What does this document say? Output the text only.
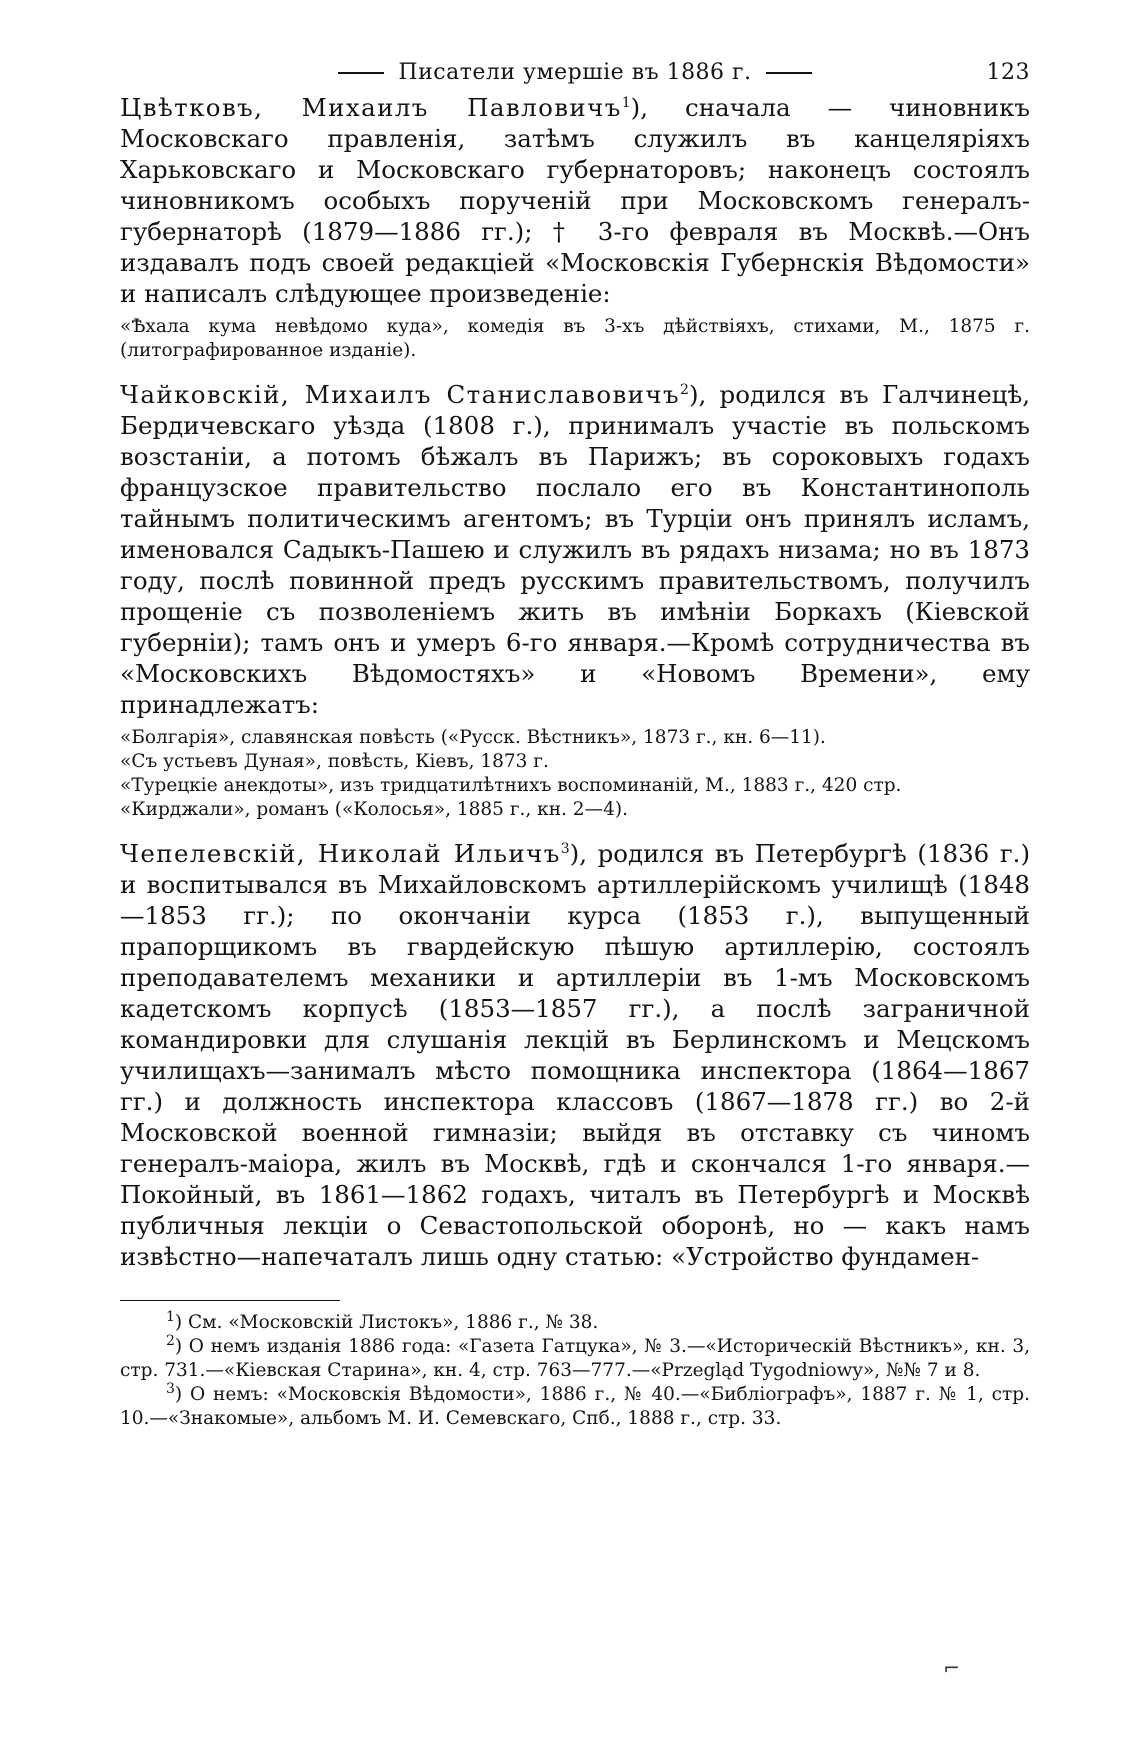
Писатели умершіе въ 1886 г.	123

Цвѣтковъ, Михаилъ Павловичъ$^1$), сначала — чиновникъ Московскаго правленія, затѣмъ служилъ въ канцеляріяхъ Харьковскаго и Московскаго губернаторовъ; наконецъ состоялъ чиновникомъ особыхъ порученій при Московскомъ генералъ-губернаторѣ (1879—1886 гг.); † 3-го февраля въ Москвѣ.—Онъ издавалъ подъ своей редакціей «Московскія Губернскія Вѣдомости» и написалъ слѣдующее произведеніе:

«Ѣхала кума невѣдомо куда», комедія въ 3-хъ дѣйствіяхъ, стихами, М., 1875 г. (литографированное изданіе).

Чайковскій, Михаилъ Станиславовичъ$^2$), родился въ Галчинецѣ, Бердичевскаго уѣзда (1808 г.), принималъ участіе въ польскомъ возстаніи, а потомъ бѣжалъ въ Парижъ; въ сороковыхъ годахъ французское правительство послало его въ Константинополь тайнымъ политическимъ агентомъ; въ Турціи онъ принялъ исламъ, именовался Садыкъ-Пашею и служилъ въ рядахъ низама; но въ 1873 году, послѣ повинной предъ русскимъ правительствомъ, получилъ прощеніе съ позволеніемъ жить въ имѣніи Боркахъ (Кіевской губерніи); тамъ онъ и умеръ 6-го января.—Кромѣ сотрудничества въ «Московскихъ Вѣдомостяхъ» и «Новомъ Времени», ему принадлежатъ:

«Болгарія», славянская повѣсть («Русск. Вѣстникъ», 1873 г., кн. 6—11).
«Съ устьевъ Дуная», повѣсть, Кіевъ, 1873 г.
«Турецкіе анекдоты», изъ тридцатилѣтнихъ воспоминаній, М., 1883 г., 420 стр.
«Кирджали», романъ («Колосья», 1885 г., кн. 2—4).

Чепелевскій, Николай Ильичъ$^3$), родился въ Петербургѣ (1836 г.) и воспитывался въ Михайловскомъ артиллерійскомъ училищѣ (1848—1853 гг.); по окончаніи курса (1853 г.), выпущенный прапорщикомъ въ гвардейскую пѣшую артиллерію, состоялъ преподавателемъ механики и артиллеріи въ 1-мъ Московскомъ кадетскомъ корпусѣ (1853—1857 гг.), а послѣ заграничной командировки для слушанія лекцій въ Берлинскомъ и Мецскомъ училищахъ—занималъ мѣсто помощника инспектора (1864—1867 гг.) и должность инспектора классовъ (1867—1878 гг.) во 2-й Московской военной гимназіи; выйдя въ отставку съ чиномъ генералъ-маіора, жилъ въ Москвѣ, гдѣ и скончался 1-го января.—Покойный, въ 1861—1862 годахъ, читалъ въ Петербургѣ и Москвѣ публичныя лекціи о Севастопольской оборонѣ, но — какъ намъ извѣстно—напечаталъ лишь одну статью: «Устройство фундамен-

$^1$) См. «Московскій Листокъ», 1886 г., № 38.

$^2$) О немъ изданія 1886 года: «Газета Гатцука», № 3.—«Историческій Вѣстникъ», кн. 3, стр. 731.—«Кіевская Старина», кн. 4, стр. 763—777.—«Przegląd Tygodniowy», №№ 7 и 8.

$^3$) О немъ: «Московскія Вѣдомости», 1886 г., № 40.—«Библіографъ», 1887 г. № 1, стр. 10.—«Знакомые», альбомъ М. И. Семевскаго, Спб., 1888 г., стр. 33.

⌐
